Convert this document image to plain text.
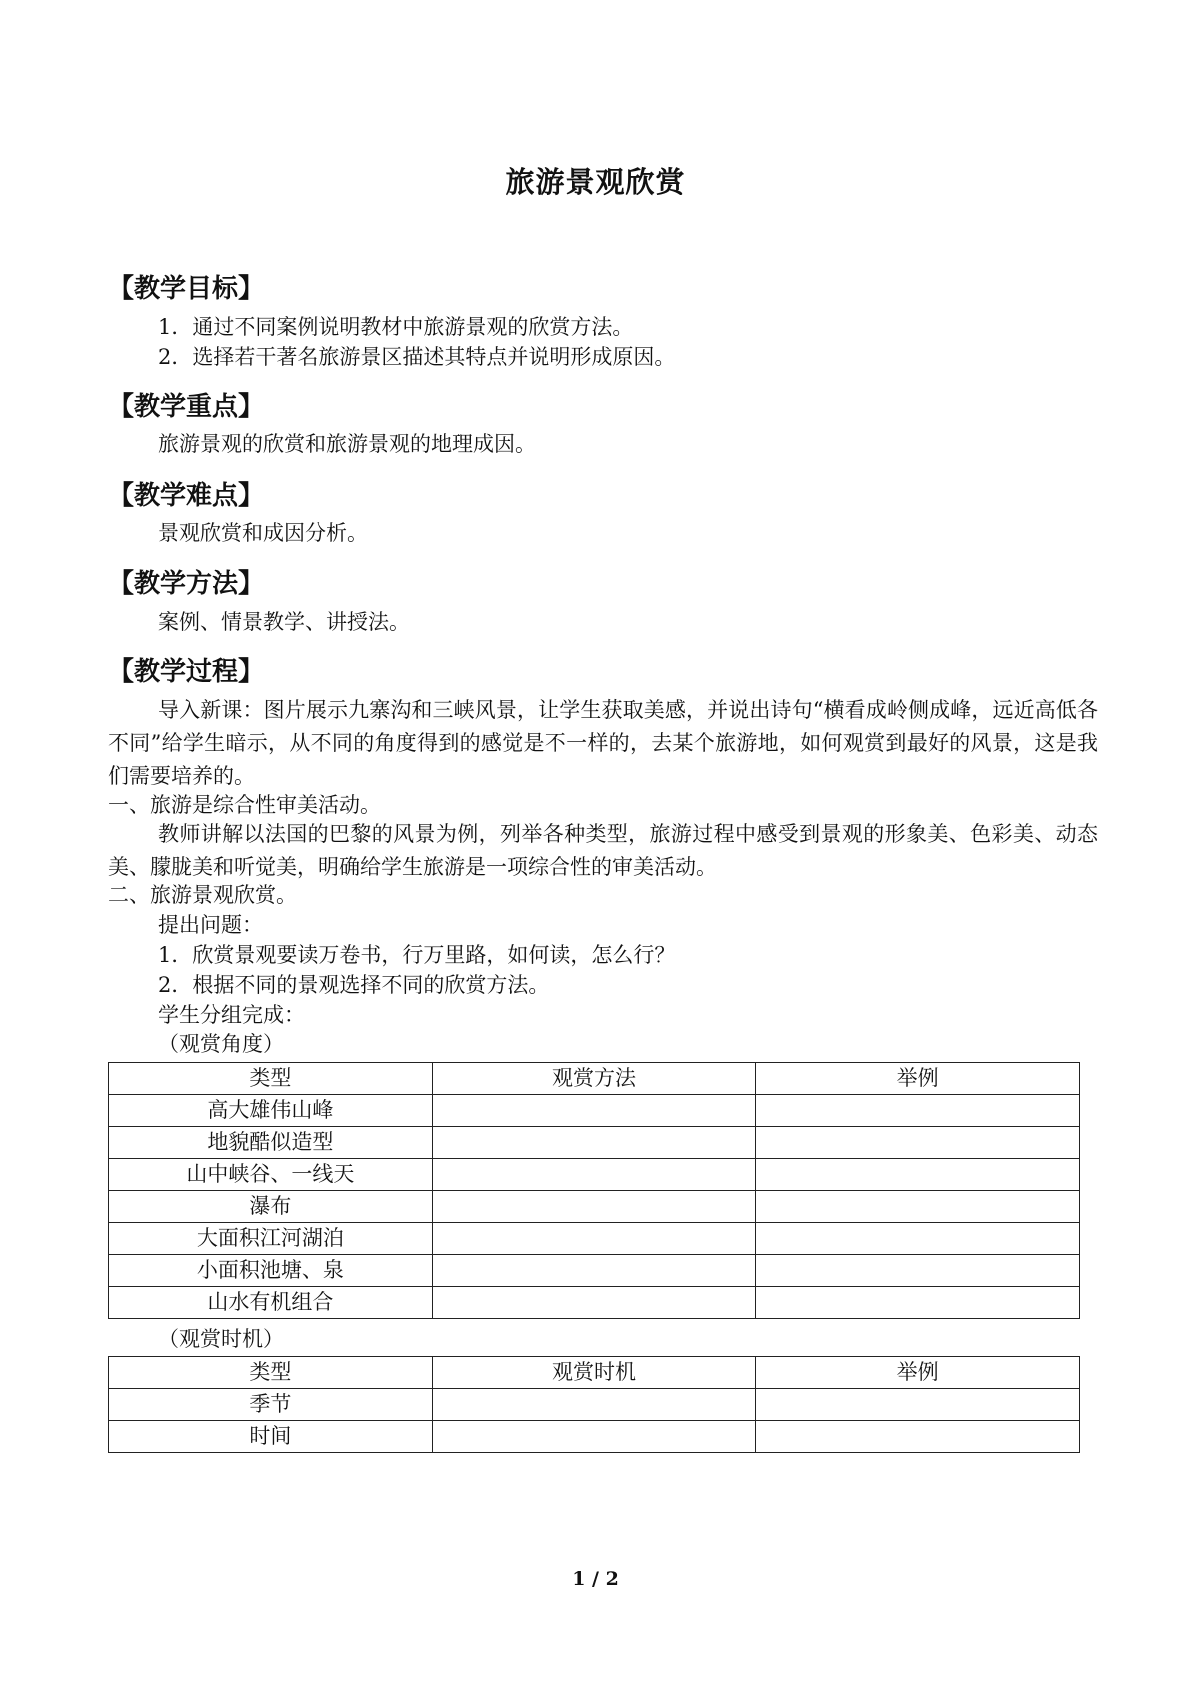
旅游景观欣赏
【教学目标】
1．通过不同案例说明教材中旅游景观的欣赏方法。
2．选择若干著名旅游景区描述其特点并说明形成原因。
【教学重点】
旅游景观的欣赏和旅游景观的地理成因。
【教学难点】
景观欣赏和成因分析。
【教学方法】
案例、情景教学、讲授法。
【教学过程】
导入新课：图片展示九寨沟和三峡风景，让学生获取美感，并说出诗句“横看成岭侧成峰，远近高低各不同”给学生暗示，从不同的角度得到的感觉是不一样的，去某个旅游地，如何观赏到最好的风景，这是我们需要培养的。
一、旅游是综合性审美活动。
教师讲解以法国的巴黎的风景为例，列举各种类型，旅游过程中感受到景观的形象美、色彩美、动态美、朦胧美和听觉美，明确给学生旅游是一项综合性的审美活动。
二、旅游景观欣赏。
提出问题：
1．欣赏景观要读万卷书，行万里路，如何读，怎么行？
2．根据不同的景观选择不同的欣赏方法。
学生分组完成：
（观赏角度）
类型	观赏方法	举例
高大雄伟山峰		
地貌酷似造型		
山中峡谷、一线天		
瀑布		
大面积江河湖泊		
小面积池塘、泉		
山水有机组合		
（观赏时机）
类型	观赏时机	举例
季节		
时间		
1 / 2
